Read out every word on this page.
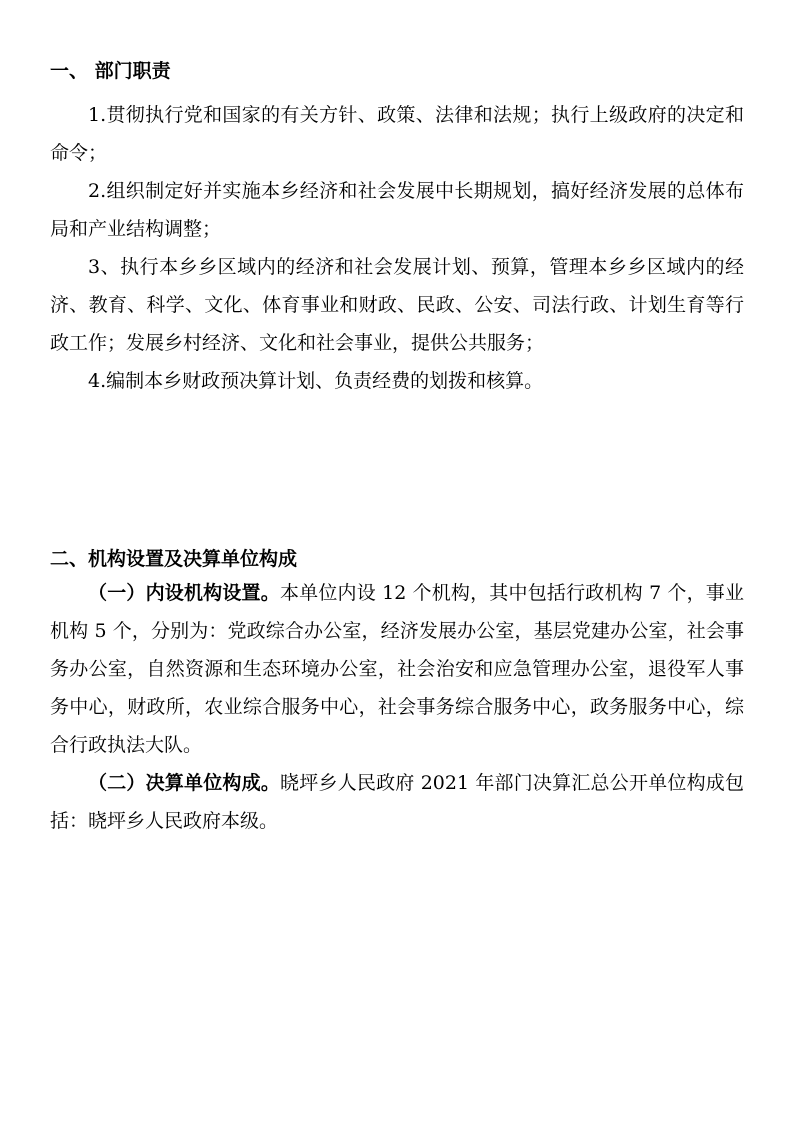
一、 部门职责

1.贯彻执行党和国家的有关方针、政策、法律和法规；执行上级政府的决定和命令；

2.组织制定好并实施本乡经济和社会发展中长期规划，搞好经济发展的总体布局和产业结构调整；

3、执行本乡乡区域内的经济和社会发展计划、预算，管理本乡乡区域内的经济、教育、科学、文化、体育事业和财政、民政、公安、司法行政、计划生育等行政工作；发展乡村经济、文化和社会事业，提供公共服务；

4.编制本乡财政预决算计划、负责经费的划拨和核算。

二、机构设置及决算单位构成

（一）内设机构设置。本单位内设 12 个机构，其中包括行政机构 7 个，事业机构 5 个，分别为：党政综合办公室，经济发展办公室，基层党建办公室，社会事务办公室，自然资源和生态环境办公室，社会治安和应急管理办公室，退役军人事务中心，财政所，农业综合服务中心，社会事务综合服务中心，政务服务中心，综合行政执法大队。

（二）决算单位构成。晓坪乡人民政府 2021 年部门决算汇总公开单位构成包括：晓坪乡人民政府本级。
